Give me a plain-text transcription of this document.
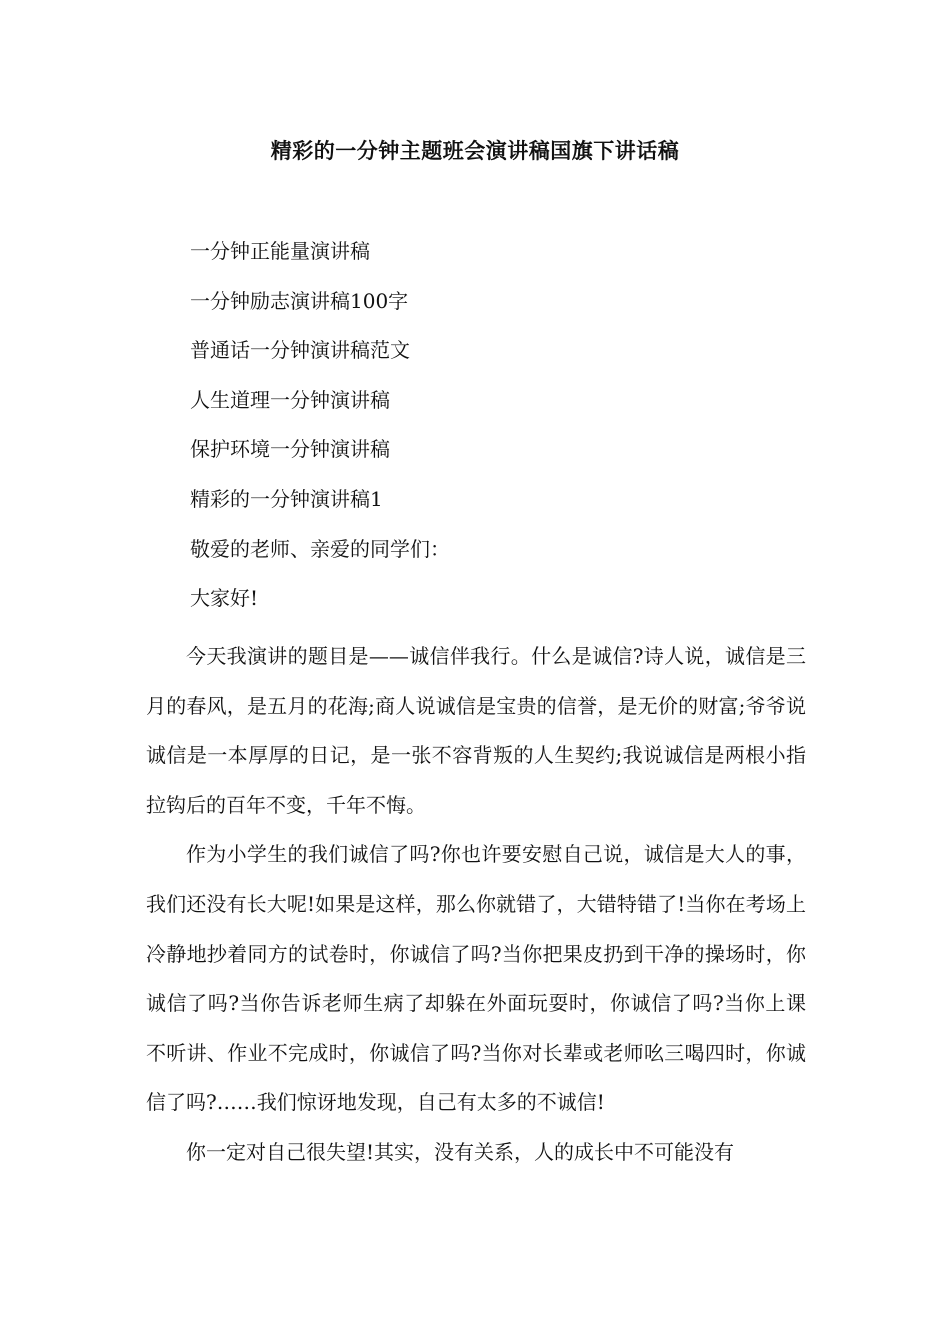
精彩的一分钟主题班会演讲稿国旗下讲话稿
一分钟正能量演讲稿
一分钟励志演讲稿100字
普通话一分钟演讲稿范文
人生道理一分钟演讲稿
保护环境一分钟演讲稿
精彩的一分钟演讲稿1
敬爱的老师、亲爱的同学们：
大家好!

今天我演讲的题目是——诚信伴我行。什么是诚信?诗人说，诚信是三月的春风，是五月的花海;商人说诚信是宝贵的信誉，是无价的财富;爷爷说诚信是一本厚厚的日记，是一张不容背叛的人生契约;我说诚信是两根小指拉钩后的百年不变，千年不悔。

作为小学生的我们诚信了吗?你也许要安慰自己说，诚信是大人的事，我们还没有长大呢!如果是这样，那么你就错了，大错特错了!当你在考场上冷静地抄着同方的试卷时，你诚信了吗?当你把果皮扔到干净的操场时，你诚信了吗?当你告诉老师生病了却躲在外面玩耍时，你诚信了吗?当你上课不听讲、作业不完成时，你诚信了吗?当你对长辈或老师吆三喝四时，你诚信了吗?……我们惊讶地发现，自己有太多的不诚信!

你一定对自己很失望!其实，没有关系，人的成长中不可能没有
